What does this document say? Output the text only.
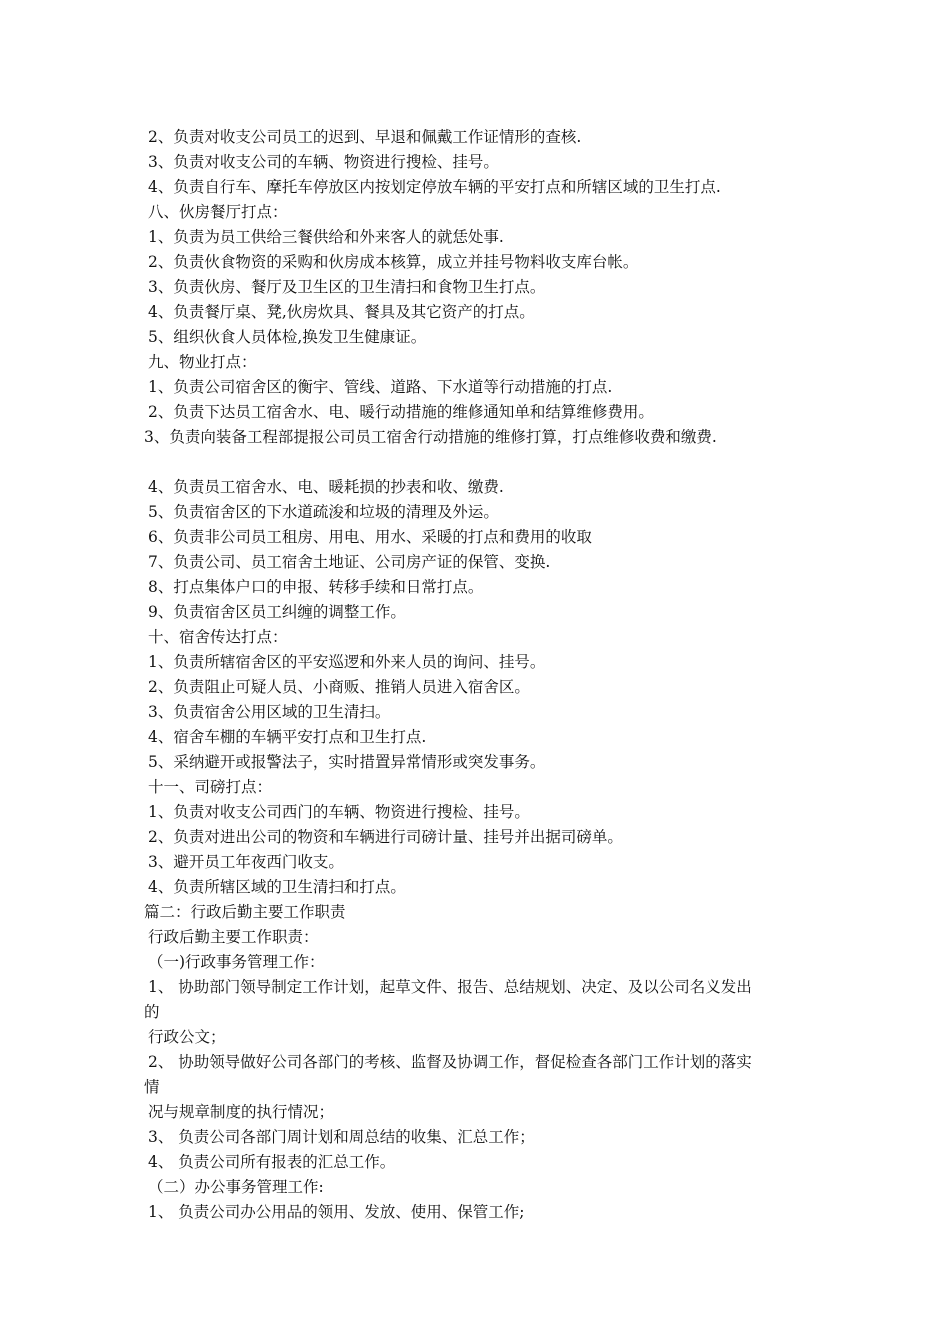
2、负责对收支公司员工的迟到、早退和佩戴工作证情形的查核.
3、负责对收支公司的车辆、物资进行搜检、挂号。
4、负责自行车、摩托车停放区内按划定停放车辆的平安打点和所辖区域的卫生打点.
八、伙房餐厅打点：
1、负责为员工供给三餐供给和外来客人的就恁处事.
2、负责伙食物资的采购和伙房成本核算，成立并挂号物料收支库台帐。
3、负责伙房、餐厅及卫生区的卫生清扫和食物卫生打点。
4、负责餐厅桌、凳,伙房炊具、餐具及其它资产的打点。
5、组织伙食人员体检,换发卫生健康证。
九、物业打点：
1、负责公司宿舍区的衡宇、管线、道路、下水道等行动措施的打点.
2、负责下达员工宿舍水、电、暖行动措施的维修通知单和结算维修费用。
3、负责向装备工程部提报公司员工宿舍行动措施的维修打算，打点维修收费和缴费.
4、负责员工宿舍水、电、暖耗损的抄表和收、缴费.
5、负责宿舍区的下水道疏浚和垃圾的清理及外运。
6、负责非公司员工租房、用电、用水、采暖的打点和费用的收取
7、负责公司、员工宿舍土地证、公司房产证的保管、变换.
8、打点集体户口的申报、转移手续和日常打点。
9、负责宿舍区员工纠缠的调整工作。
十、宿舍传达打点：
1、负责所辖宿舍区的平安巡逻和外来人员的询问、挂号。
2、负责阻止可疑人员、小商贩、推销人员进入宿舍区。
3、负责宿舍公用区域的卫生清扫。
4、宿舍车棚的车辆平安打点和卫生打点.
5、采纳避开或报警法子，实时措置异常情形或突发事务。
十一、司磅打点：
1、负责对收支公司西门的车辆、物资进行搜检、挂号。
2、负责对进出公司的物资和车辆进行司磅计量、挂号并出据司磅单。
3、避开员工年夜西门收支。
4、负责所辖区域的卫生清扫和打点。
篇二：行政后勤主要工作职责
行政后勤主要工作职责：
（一)行政事务管理工作：
1、 协助部门领导制定工作计划，起草文件、报告、总结规划、决定、及以公司名义发出
的
行政公文；
2、 协助领导做好公司各部门的考核、监督及协调工作，督促检查各部门工作计划的落实
情
况与规章制度的执行情况；
3、 负责公司各部门周计划和周总结的收集、汇总工作；
4、 负责公司所有报表的汇总工作。
（二）办公事务管理工作:
1、 负责公司办公用品的领用、发放、使用、保管工作;
